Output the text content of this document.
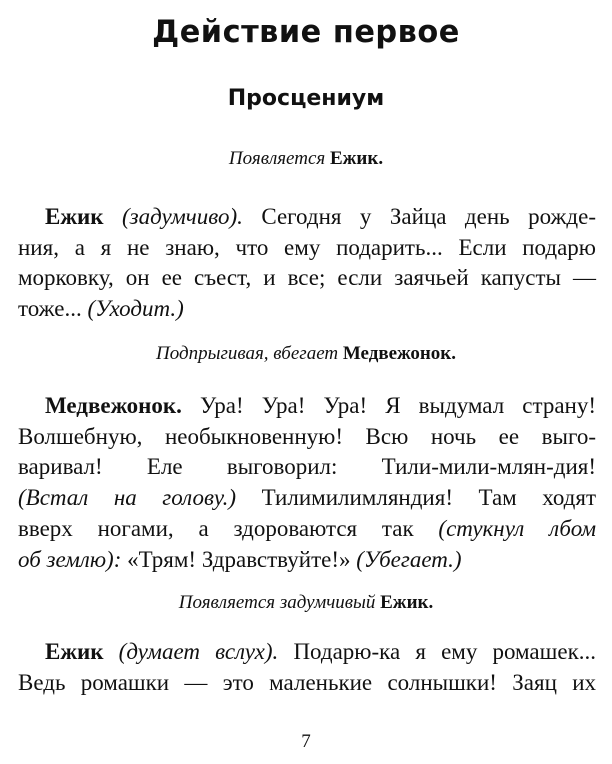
Действие первое
Просцениум
Появляется Ежик.
Ежик (задумчиво). Сегодня у Зайца день рожде-
ния, а я не знаю, что ему подарить... Если подарю
морковку, он ее съест, и все; если заячьей капусты —
тоже... (Уходит.)
Подпрыгивая, вбегает Медвежонок.
Медвежонок. Ура! Ура! Ура! Я выдумал страну!
Волшебную, необыкновенную! Всю ночь ее выго-
варивал! Еле выговорил: Тили-мили-млян-дия!
(Встал на голову.) Тилимилимляндия! Там ходят
вверх ногами, а здороваются так (стукнул лбом
об землю): «Трям! Здравствуйте!» (Убегает.)
Появляется задумчивый Ежик.
Ежик (думает вслух). Подарю-ка я ему ромашек...
Ведь ромашки — это маленькие солнышки! Заяц их
7
